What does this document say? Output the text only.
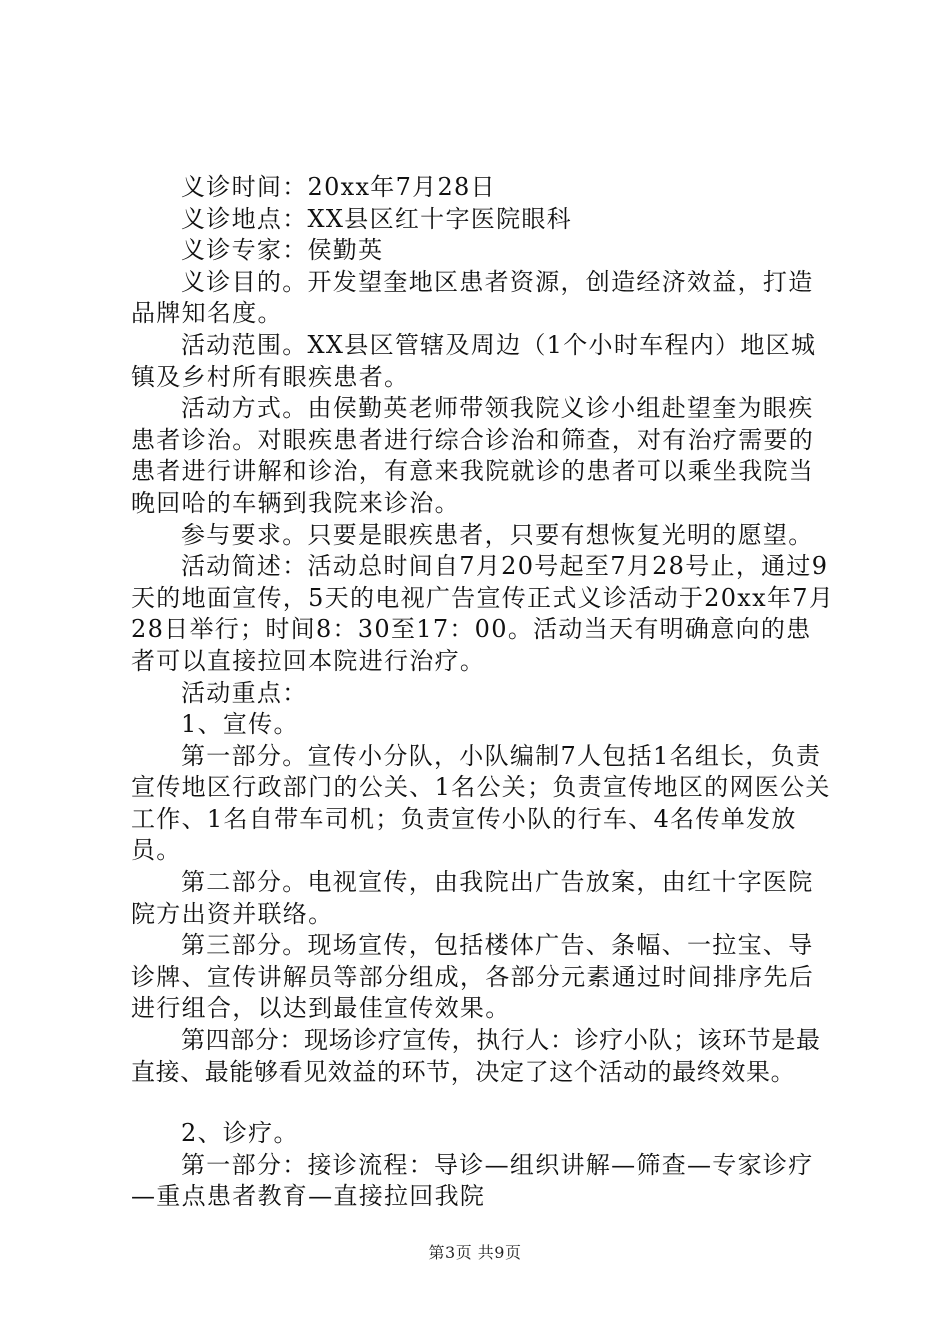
义诊时间：20xx年7月28日

义诊地点：XX县区红十字医院眼科

义诊专家：侯勤英

义诊目的。开发望奎地区患者资源，创造经济效益，打造品牌知名度。

活动范围。XX县区管辖及周边（1个小时车程内）地区城镇及乡村所有眼疾患者。

活动方式。由侯勤英老师带领我院义诊小组赴望奎为眼疾患者诊治。对眼疾患者进行综合诊治和筛查，对有治疗需要的患者进行讲解和诊治，有意来我院就诊的患者可以乘坐我院当晚回哈的车辆到我院来诊治。

参与要求。只要是眼疾患者，只要有想恢复光明的愿望。

活动简述：活动总时间自7月20号起至7月28号止，通过9天的地面宣传，5天的电视广告宣传正式义诊活动于20xx年7月28日举行；时间8：30至17：00。活动当天有明确意向的患者可以直接拉回本院进行治疗。

活动重点：

1、宣传。

第一部分。宣传小分队，小队编制7人包括1名组长，负责宣传地区行政部门的公关、1名公关；负责宣传地区的网医公关工作、1名自带车司机；负责宣传小队的行车、4名传单发放员。

第二部分。电视宣传，由我院出广告放案，由红十字医院院方出资并联络。

第三部分。现场宣传，包括楼体广告、条幅、一拉宝、导诊牌、宣传讲解员等部分组成，各部分元素通过时间排序先后进行组合，以达到最佳宣传效果。

第四部分：现场诊疗宣传，执行人：诊疗小队；该环节是最直接、最能够看见效益的环节，决定了这个活动的最终效果。

2、诊疗。

第一部分：接诊流程：导诊—组织讲解—筛查—专家诊疗—重点患者教育—直接拉回我院

第3页 共9页
